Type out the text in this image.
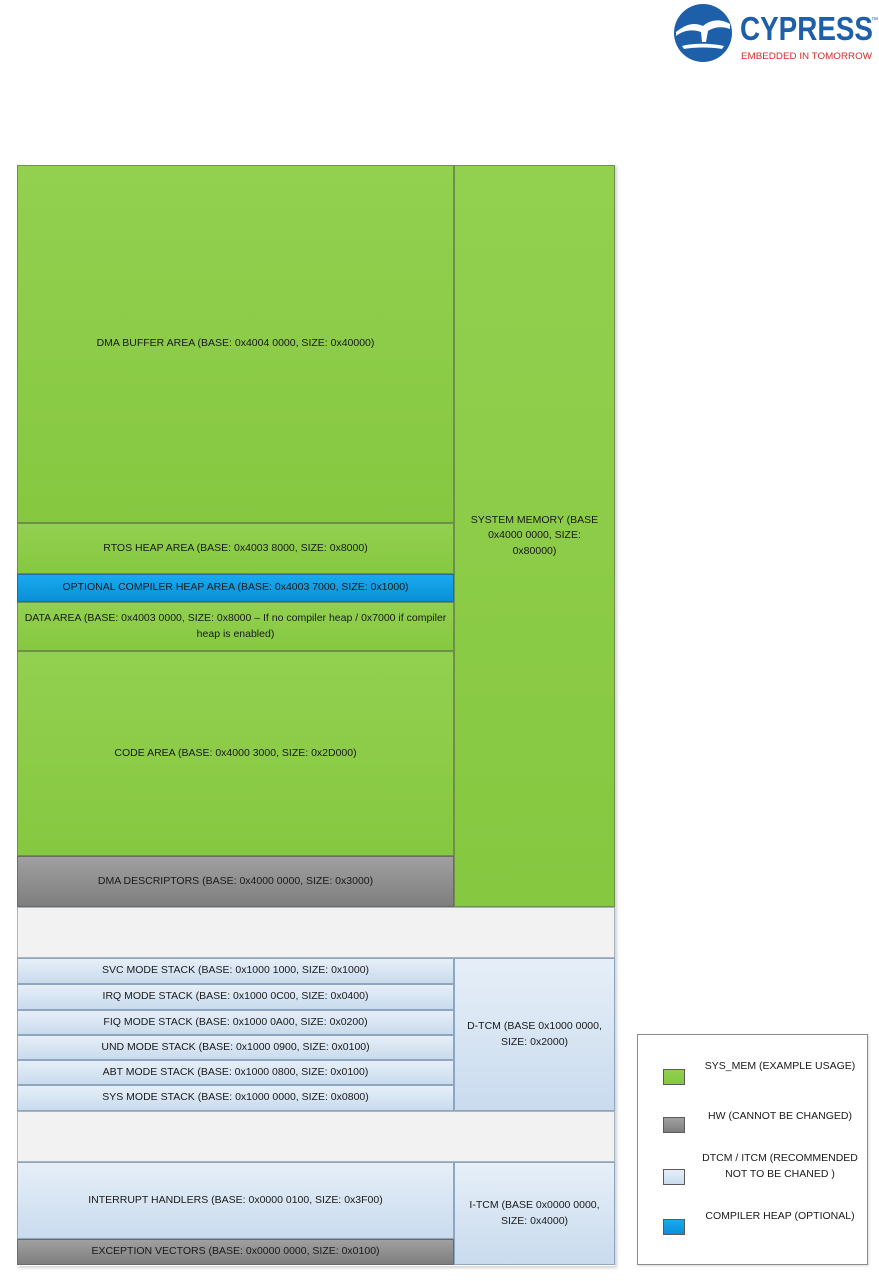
CYPRESS
EMBEDDED IN TOMORROW
™
DMA BUFFER AREA (BASE: 0x4004 0000, SIZE: 0x40000)
RTOS HEAP AREA (BASE: 0x4003 8000, SIZE: 0x8000)
OPTIONAL COMPILER HEAP AREA (BASE: 0x4003 7000, SIZE: 0x1000)
DATA AREA (BASE: 0x4003 0000, SIZE: 0x8000 – If no compiler heap / 0x7000 if compiler heap is enabled)
CODE AREA (BASE: 0x4000 3000, SIZE: 0x2D000)
DMA DESCRIPTORS (BASE: 0x4000 0000, SIZE: 0x3000)
SYSTEM MEMORY (BASE 0x4000 0000, SIZE: 0x80000)
SVC MODE STACK (BASE: 0x1000 1000, SIZE: 0x1000)
IRQ MODE STACK (BASE: 0x1000 0C00, SIZE: 0x0400)
FIQ MODE STACK (BASE: 0x1000 0A00, SIZE: 0x0200)
UND MODE STACK (BASE: 0x1000 0900, SIZE: 0x0100)
ABT MODE STACK (BASE: 0x1000 0800, SIZE: 0x0100)
SYS MODE STACK (BASE: 0x1000 0000, SIZE: 0x0800)
D-TCM (BASE 0x1000 0000, SIZE: 0x2000)
INTERRUPT HANDLERS (BASE: 0x0000 0100, SIZE: 0x3F00)
EXCEPTION VECTORS (BASE: 0x0000 0000, SIZE: 0x0100)
I-TCM (BASE 0x0000 0000, SIZE: 0x4000)
SYS_MEM (EXAMPLE USAGE)
HW (CANNOT BE CHANGED)
DTCM / ITCM (RECOMMENDED NOT TO BE CHANED )
COMPILER HEAP (OPTIONAL)
